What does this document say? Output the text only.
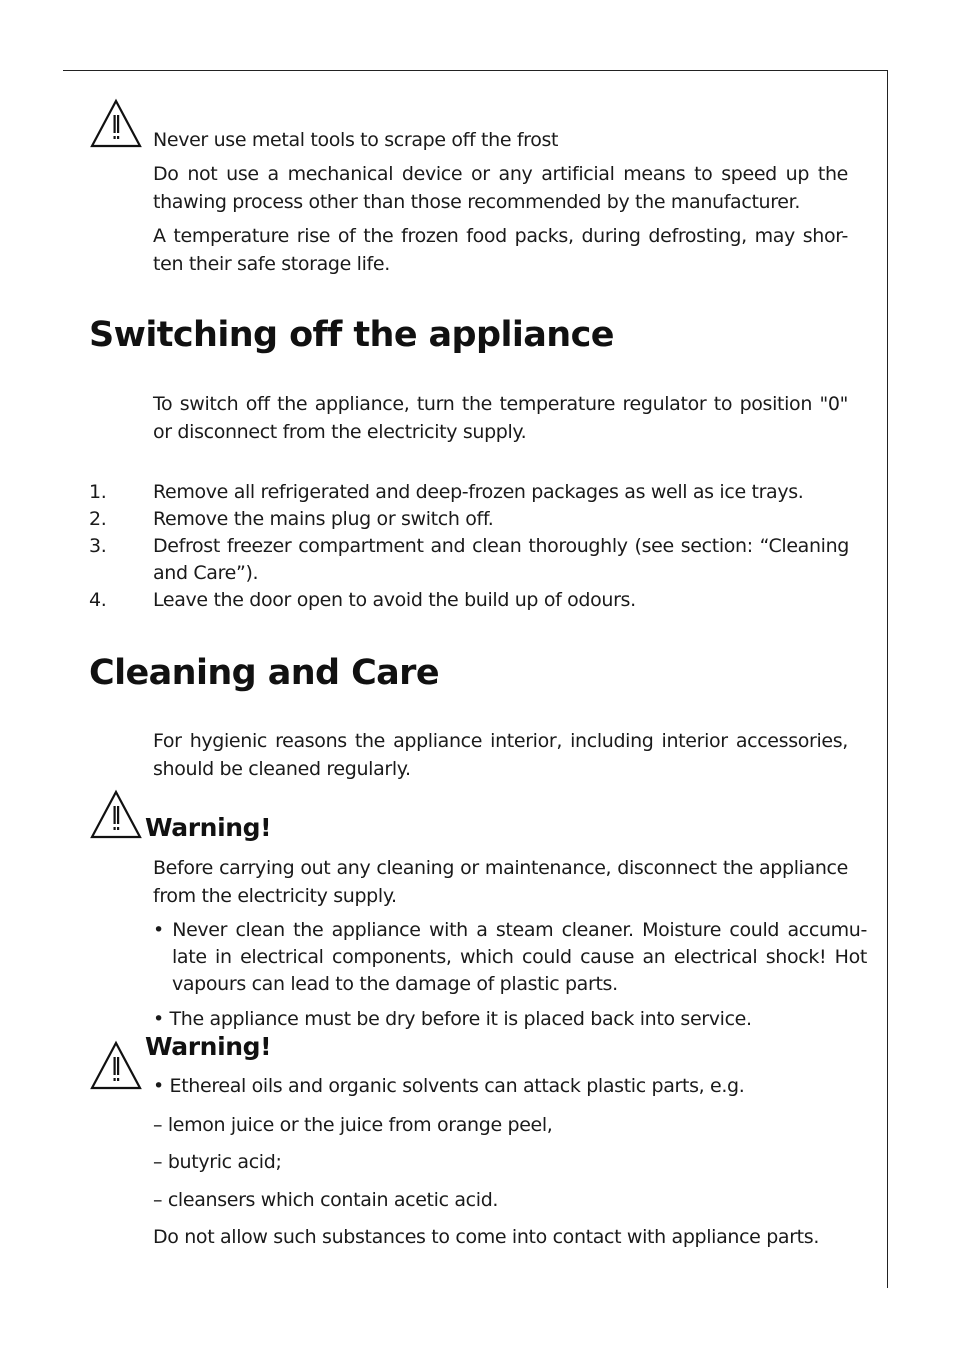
Never use metal tools to scrape off the frost

Do not use a mechanical device or any artificial means to speed up the thawing process other than those recommended by the manufacturer.

A temperature rise of the frozen food packs, during defrosting, may shor-ten their safe storage life.

Switching off the appliance

To switch off the appliance, turn the temperature regulator to position "0" or disconnect from the electricity supply.

1. Remove all refrigerated and deep-frozen packages as well as ice trays.
2. Remove the mains plug or switch off.
3. Defrost freezer compartment and clean thoroughly (see section: “Cleaning and Care”).
4. Leave the door open to avoid the build up of odours.
Cleaning and Care

For hygienic reasons the appliance interior, including interior accessories, should be cleaned regularly.

Warning!

Before carrying out any cleaning or maintenance, disconnect the appliance from the electricity supply.

• Never clean the appliance with a steam cleaner. Moisture could accumu-late in electrical components, which could cause an electrical shock! Hot vapours can lead to the damage of plastic parts.

• The appliance must be dry before it is placed back into service.

Warning!

• Ethereal oils and organic solvents can attack plastic parts, e.g.

– lemon juice or the juice from orange peel,

– butyric acid;

– cleansers which contain acetic acid.

Do not allow such substances to come into contact with appliance parts.
